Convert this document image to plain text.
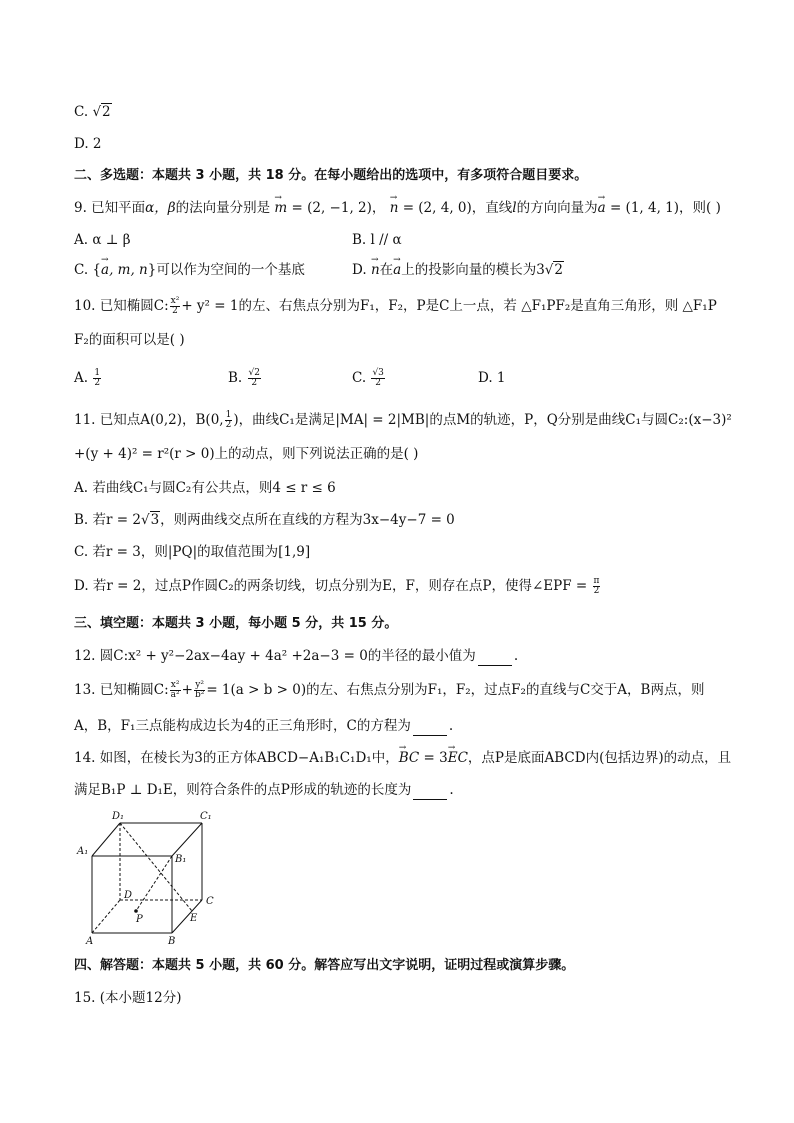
C. √2
D. 2
二、多选题：本题共 3 小题，共 18 分。在每小题给出的选项中，有多项符合题目要求。
9. 已知平面α，β的法向量分别是 → m = (2, −1, 2)， → n = (2, 4, 0)，直线l的方向向量为→ a = (1, 4, 1)，则( )
A. α ⊥ β	B. l // α
C. {→ a, m, n}可以作为空间的一个基底	D. → n在→ a上的投影向量的模长为3√2
10. 已知椭圆C: $\frac{\text{x²}}{2} + y^2 = 1$的左、右焦点分别为F₁，F₂，P是C上一点，若 △F₁PF₂是直角三角形，则 △F₁P
F₂的面积可以是( )
A. $\frac{1}{2}$	B. $\frac{√2}{2}$	C. $\frac{√3}{2}$	D. 1
11. 已知点A(0,2)，B(0, $\frac{1}{2}$ )，曲线C₁是满足|MA| = 2|MB|的点M的轨迹，P，Q分别是曲线C₁与圆C₂:(x−3)²
+(y + 4)² = r²(r > 0)上的动点，则下列说法正确的是( )
A. 若曲线C₁与圆C₂有公共点，则4 ≤ r ≤ 6
B. 若r = 2√3，则两曲线交点所在直线的方程为3x−4y−7 = 0
C. 若r = 3，则|PQ|的取值范围为[1,9]
D. 若r = 2，过点P作圆C₂的两条切线，切点分别为E，F，则存在点P，使得∠EPF = $\frac{\pi}{2}$
三、填空题：本题共 3 小题，每小题 5 分，共 15 分。
12. 圆C:x² + y²−2ax−4ay + 4a² +2a−3 = 0的半径的最小值为	.
13. 已知椭圆C: $\frac{\text{x²}}{\text{a²}} + \frac{\text{y²}}{\text{b²}} = 1(a > b > 0)$的左、右焦点分别为F₁，F₂，过点F₂的直线与C交于A，B两点，则
A，B，F₁三点能构成边长为4的正三角形时，C的方程为	.
14. 如图，在棱长为3的正方体ABCD−A₁B₁C₁D₁中，→ BC = 3→ EC，点P是底面ABCD内(包括边界)的动点，且
满足B₁P ⊥ D₁E，则符合条件的点P形成的轨迹的长度为	.
D₁	C₁
A₁
B₁
D
C
P	E
A	B
四、解答题：本题共 5 小题，共 60 分。解答应写出文字说明，证明过程或演算步骤。
15. (本小题12分)
